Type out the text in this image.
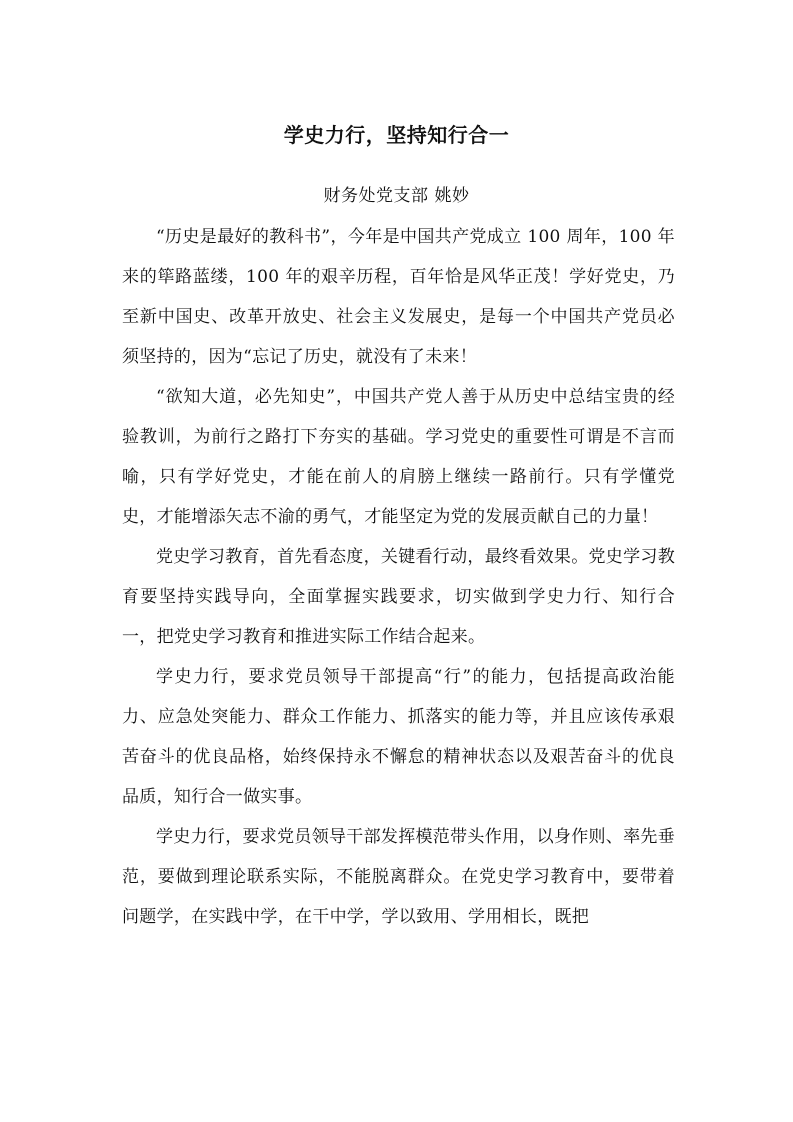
学史力行，坚持知行合一
财务处党支部 姚妙

“历史是最好的教科书”，今年是中国共产党成立 100 周年，100 年来的筚路蓝缕，100 年的艰辛历程，百年恰是风华正茂！学好党史，乃至新中国史、改革开放史、社会主义发展史，是每一个中国共产党员必须坚持的，因为“忘记了历史，就没有了未来！

“欲知大道，必先知史”，中国共产党人善于从历史中总结宝贵的经验教训，为前行之路打下夯实的基础。学习党史的重要性可谓是不言而喻，只有学好党史，才能在前人的肩膀上继续一路前行。只有学懂党史，才能增添矢志不渝的勇气，才能坚定为党的发展贡献自己的力量！

党史学习教育，首先看态度，关键看行动，最终看效果。党史学习教育要坚持实践导向，全面掌握实践要求，切实做到学史力行、知行合一，把党史学习教育和推进实际工作结合起来。

学史力行，要求党员领导干部提高“行”的能力，包括提高政治能力、应急处突能力、群众工作能力、抓落实的能力等，并且应该传承艰苦奋斗的优良品格，始终保持永不懈怠的精神状态以及艰苦奋斗的优良品质，知行合一做实事。

学史力行，要求党员领导干部发挥模范带头作用，以身作则、率先垂范，要做到理论联系实际，不能脱离群众。在党史学习教育中，要带着问题学，在实践中学，在干中学，学以致用、学用相长，既把
